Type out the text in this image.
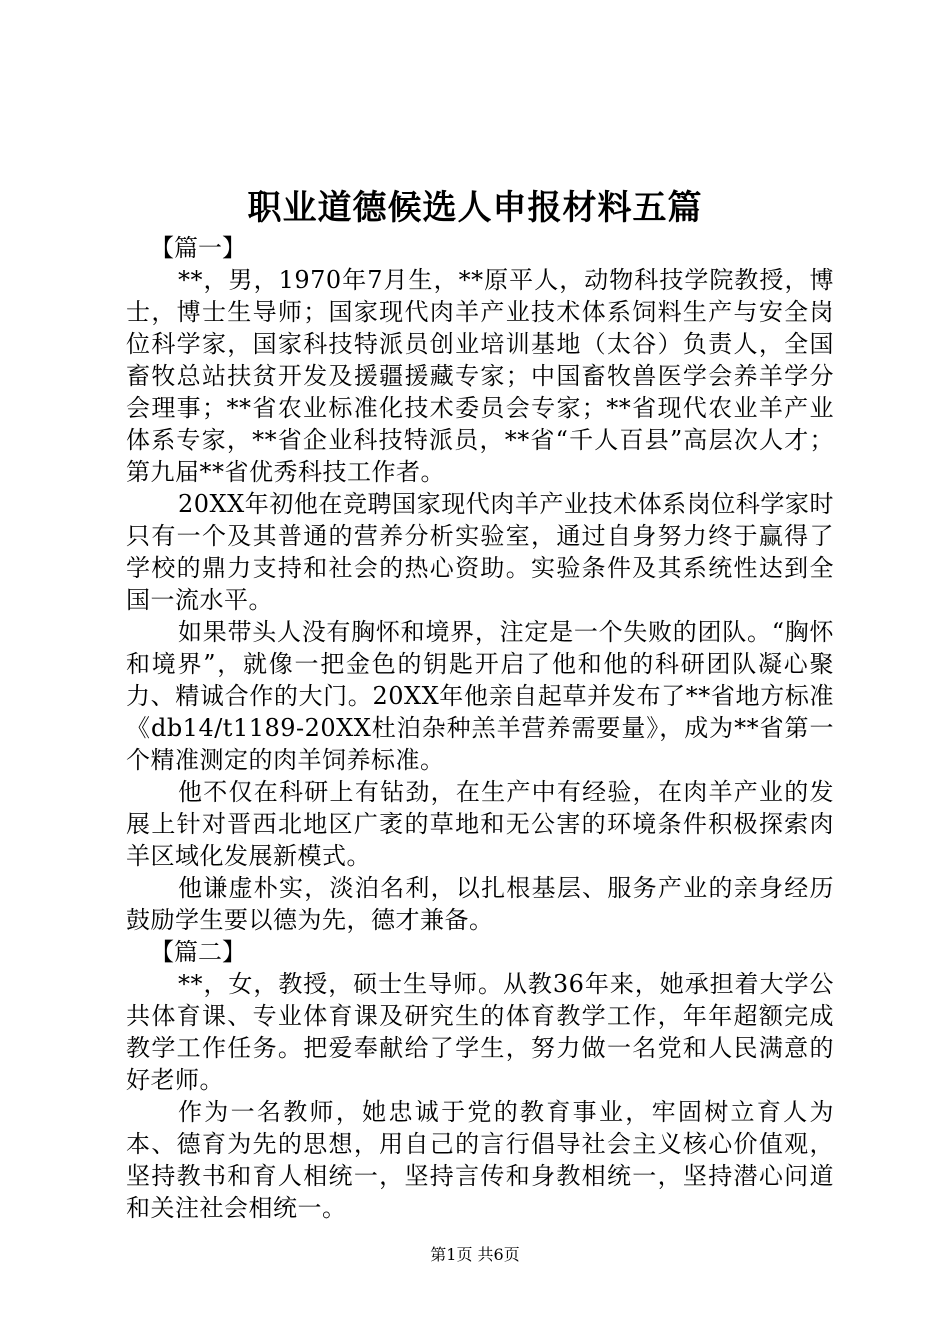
职业道德候选人申报材料五篇

【篇一】

**，男，1970年7月生，**原平人，动物科技学院教授，博士，博士生导师；国家现代肉羊产业技术体系饲料生产与安全岗位科学家，国家科技特派员创业培训基地（太谷）负责人，全国畜牧总站扶贫开发及援疆援藏专家；中国畜牧兽医学会养羊学分会理事；**省农业标准化技术委员会专家；**省现代农业羊产业体系专家，**省企业科技特派员，**省“千人百县”高层次人才；第九届**省优秀科技工作者。

20XX年初他在竞聘国家现代肉羊产业技术体系岗位科学家时只有一个及其普通的营养分析实验室，通过自身努力终于赢得了学校的鼎力支持和社会的热心资助。实验条件及其系统性达到全国一流水平。

如果带头人没有胸怀和境界，注定是一个失败的团队。“胸怀和境界”，就像一把金色的钥匙开启了他和他的科研团队凝心聚力、精诚合作的大门。20XX年他亲自起草并发布了**省地方标准《db14/t1189-20XX杜泊杂种羔羊营养需要量》，成为**省第一个精准测定的肉羊饲养标准。

他不仅在科研上有钻劲，在生产中有经验，在肉羊产业的发展上针对晋西北地区广袤的草地和无公害的环境条件积极探索肉羊区域化发展新模式。

他谦虚朴实，淡泊名利，以扎根基层、服务产业的亲身经历鼓励学生要以德为先，德才兼备。

【篇二】

**，女，教授，硕士生导师。从教36年来，她承担着大学公共体育课、专业体育课及研究生的体育教学工作，年年超额完成教学工作任务。把爱奉献给了学生，努力做一名党和人民满意的好老师。

作为一名教师，她忠诚于党的教育事业，牢固树立育人为本、德育为先的思想，用自己的言行倡导社会主义核心价值观，坚持教书和育人相统一，坚持言传和身教相统一，坚持潜心问道和关注社会相统一。

第1页 共6页
